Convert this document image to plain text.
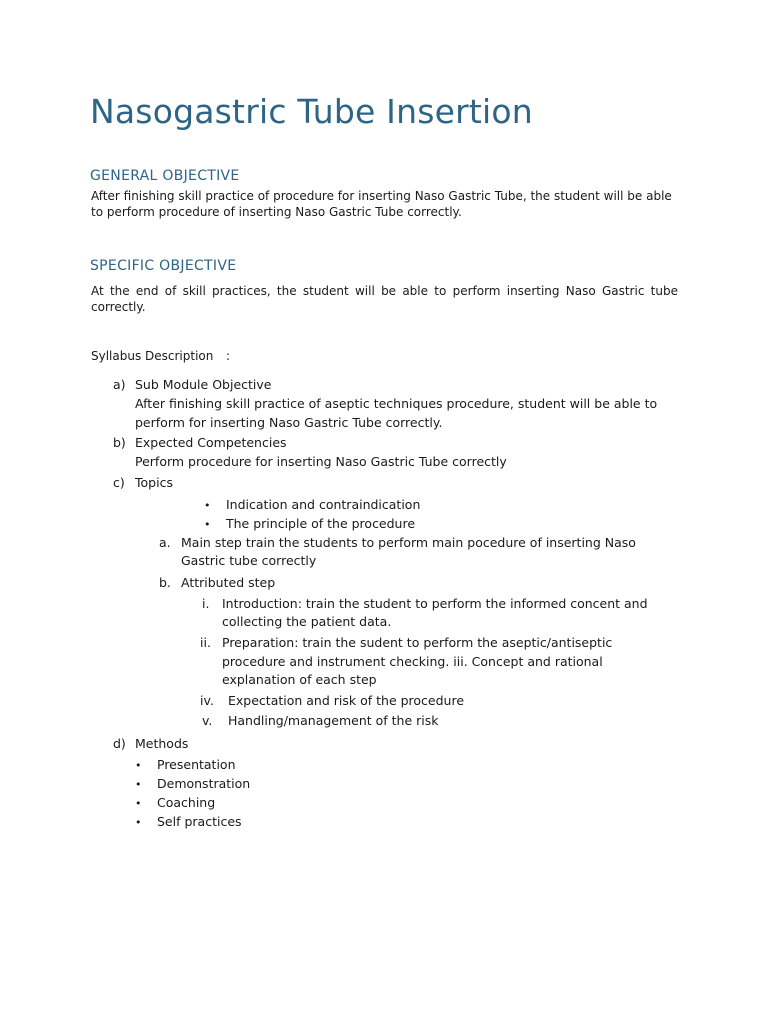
Nasogastric Tube Insertion
GENERAL OBJECTIVE
After finishing skill practice of procedure for inserting Naso Gastric Tube, the student will be able
to perform procedure of inserting Naso Gastric Tube correctly.
SPECIFIC OBJECTIVE
At the end of skill practices, the student will be able to perform inserting Naso Gastric tube correctly.
Syllabus Description :
a) Sub Module Objective
After finishing skill practice of aseptic techniques procedure, student will be able to
perform for inserting Naso Gastric Tube correctly.
b) Expected Competencies
Perform procedure for inserting Naso Gastric Tube correctly
c) Topics
• Indication and contraindication
• The principle of the procedure
a. Main step train the students to perform main pocedure of inserting Naso
Gastric tube correctly
b. Attributed step
i. Introduction: train the student to perform the informed concent and
collecting the patient data.
ii. Preparation: train the sudent to perform the aseptic/antiseptic
procedure and instrument checking. iii. Concept and rational
explanation of each step
iv. Expectation and risk of the procedure
v. Handling/management of the risk
d) Methods
• Presentation
• Demonstration
• Coaching
• Self practices
